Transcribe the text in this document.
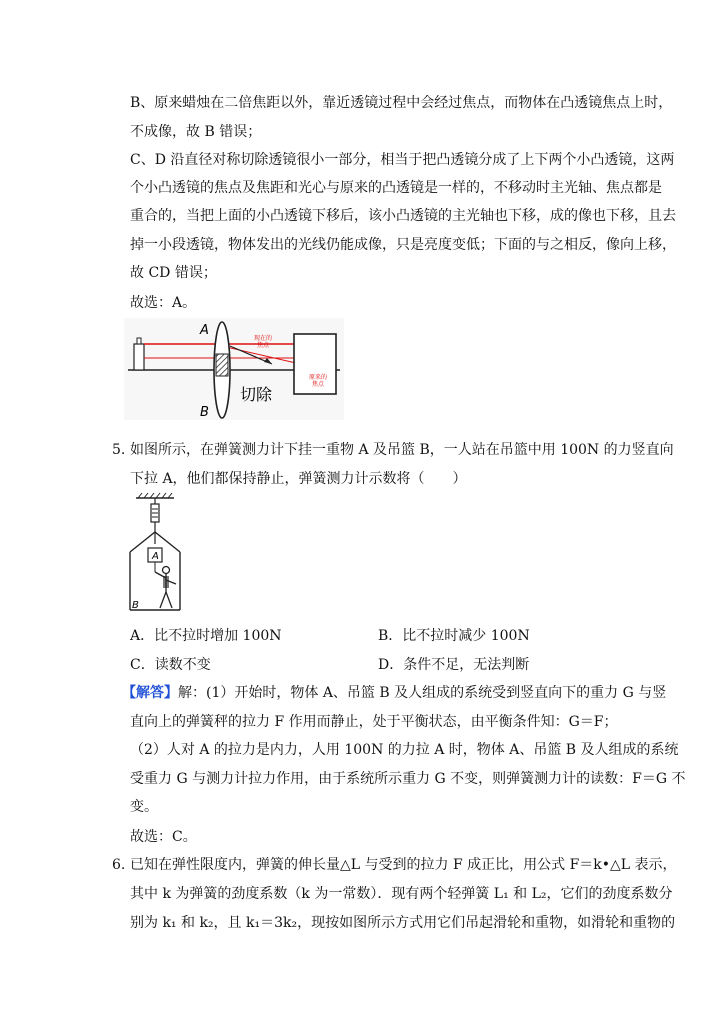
B、原来蜡烛在二倍焦距以外，靠近透镜过程中会经过焦点，而物体在凸透镜焦点上时，
不成像，故 B 错误；
C、D 沿直径对称切除透镜很小一部分，相当于把凸透镜分成了上下两个小凸透镜，这两
个小凸透镜的焦点及焦距和光心与原来的凸透镜是一样的，不移动时主光轴、焦点都是
重合的，当把上面的小凸透镜下移后，该小凸透镜的主光轴也下移，成的像也下移，且去
掉一小段透镜，物体发出的光线仍能成像，只是亮度变低；下面的与之相反，像向上移，
故 CD 错误；
故选：A。
A
B
切除
现在的
焦点
原来的
焦点
5. 如图所示，在弹簧测力计下挂一重物 A 及吊篮 B，一人站在吊篮中用 100N 的力竖直向
下拉 A，他们都保持静止，弹簧测力计示数将（　　）
A
B
A．比不拉时增加 100N	B．比不拉时减少 100N
C．读数不变	D．条件不足，无法判断
【解答】解：(1）开始时，物体 A、吊篮 B 及人组成的系统受到竖直向下的重力 G 与竖
直向上的弹簧秤的拉力 F 作用而静止，处于平衡状态，由平衡条件知：G＝F；
（2）人对 A 的拉力是内力，人用 100N 的力拉 A 时，物体 A、吊篮 B 及人组成的系统
受重力 G 与测力计拉力作用，由于系统所示重力 G 不变，则弹簧测力计的读数：F＝G 不
变。
故选：C。
6. 已知在弹性限度内，弹簧的伸长量△L 与受到的拉力 F 成正比，用公式 F＝k•△L 表示，
其中 k 为弹簧的劲度系数（k 为一常数）．现有两个轻弹簧 L₁ 和 L₂，它们的劲度系数分
别为 k₁ 和 k₂，且 k₁＝3k₂，现按如图所示方式用它们吊起滑轮和重物，如滑轮和重物的
